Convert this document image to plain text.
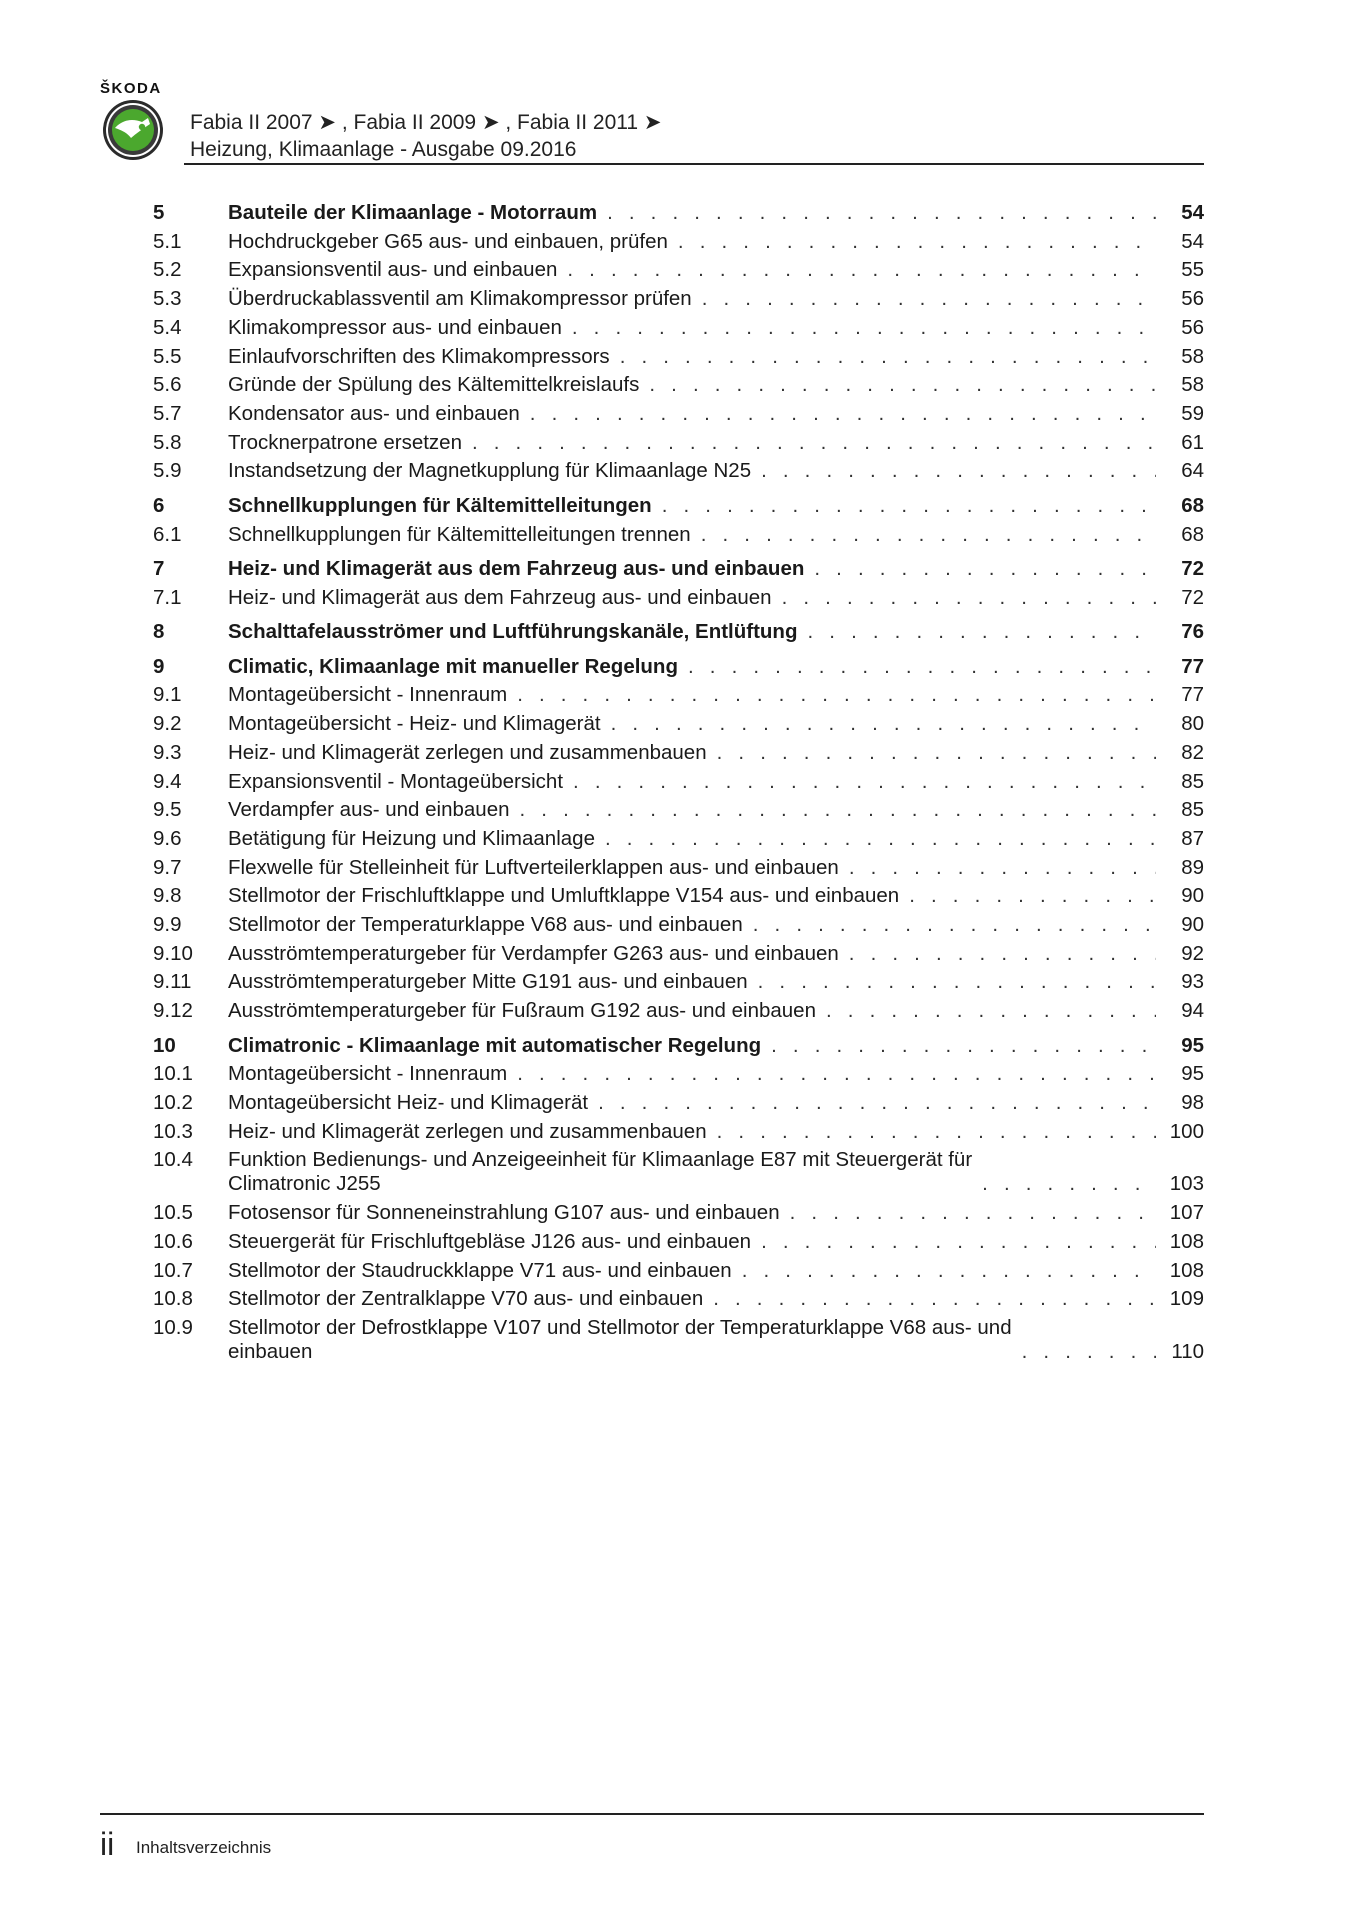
ŠKODA
Fabia II 2007 ➤ , Fabia II 2009 ➤ , Fabia II 2011 ➤
Heizung, Klimaanlage - Ausgabe 09.2016
5	Bauteile der Klimaanlage - Motorraum . . .	54
5.1	Hochdruckgeber G65 aus- und einbauen, prüfen . . .	54
5.2	Expansionsventil aus- und einbauen . . .	55
5.3	Überdruckablassventil am Klimakompressor prüfen . . .	56
5.4	Klimakompressor aus- und einbauen . . .	56
5.5	Einlaufvorschriften des Klimakompressors . . .	58
5.6	Gründe der Spülung des Kältemittelkreislaufs . . .	58
5.7	Kondensator aus- und einbauen . . .	59
5.8	Trocknerpatrone ersetzen . . .	61
5.9	Instandsetzung der Magnetkupplung für Klimaanlage N25 . . .	64
6	Schnellkupplungen für Kältemittelleitungen . . .	68
6.1	Schnellkupplungen für Kältemittelleitungen trennen . . .	68
7	Heiz- und Klimagerät aus dem Fahrzeug aus- und einbauen . . .	72
7.1	Heiz- und Klimagerät aus dem Fahrzeug aus- und einbauen . . .	72
8	Schalttafelausströmer und Luftführungskanäle, Entlüftung . . .	76
9	Climatic, Klimaanlage mit manueller Regelung . . .	77
9.1	Montageübersicht - Innenraum . . .	77
9.2	Montageübersicht - Heiz- und Klimagerät . . .	80
9.3	Heiz- und Klimagerät zerlegen und zusammenbauen . . .	82
9.4	Expansionsventil - Montageübersicht . . .	85
9.5	Verdampfer aus- und einbauen . . .	85
9.6	Betätigung für Heizung und Klimaanlage . . .	87
9.7	Flexwelle für Stelleinheit für Luftverteilerklappen aus- und einbauen . . .	89
9.8	Stellmotor der Frischluftklappe und Umluftklappe V154 aus- und einbauen . . .	90
9.9	Stellmotor der Temperaturklappe V68 aus- und einbauen . . .	90
9.10	Ausströmtemperaturgeber für Verdampfer G263 aus- und einbauen . . .	92
9.11	Ausströmtemperaturgeber Mitte G191 aus- und einbauen . . .	93
9.12	Ausströmtemperaturgeber für Fußraum G192 aus- und einbauen . . .	94
10	Climatronic - Klimaanlage mit automatischer Regelung . . .	95
10.1	Montageübersicht - Innenraum . . .	95
10.2	Montageübersicht Heiz- und Klimagerät . . .	98
10.3	Heiz- und Klimagerät zerlegen und zusammenbauen . . .	100
10.4	Funktion Bedienungs- und Anzeigeeinheit für Klimaanlage E87 mit Steuergerät für
Climatronic J255 . . .	103
10.5	Fotosensor für Sonneneinstrahlung G107 aus- und einbauen . . .	107
10.6	Steuergerät für Frischluftgebläse J126 aus- und einbauen . . .	108
10.7	Stellmotor der Staudruckklappe V71 aus- und einbauen . . .	108
10.8	Stellmotor der Zentralklappe V70 aus- und einbauen . . .	109
10.9	Stellmotor der Defrostklappe V107 und Stellmotor der Temperaturklappe V68 aus- und
einbauen . . .	110
ii Inhaltsverzeichnis
